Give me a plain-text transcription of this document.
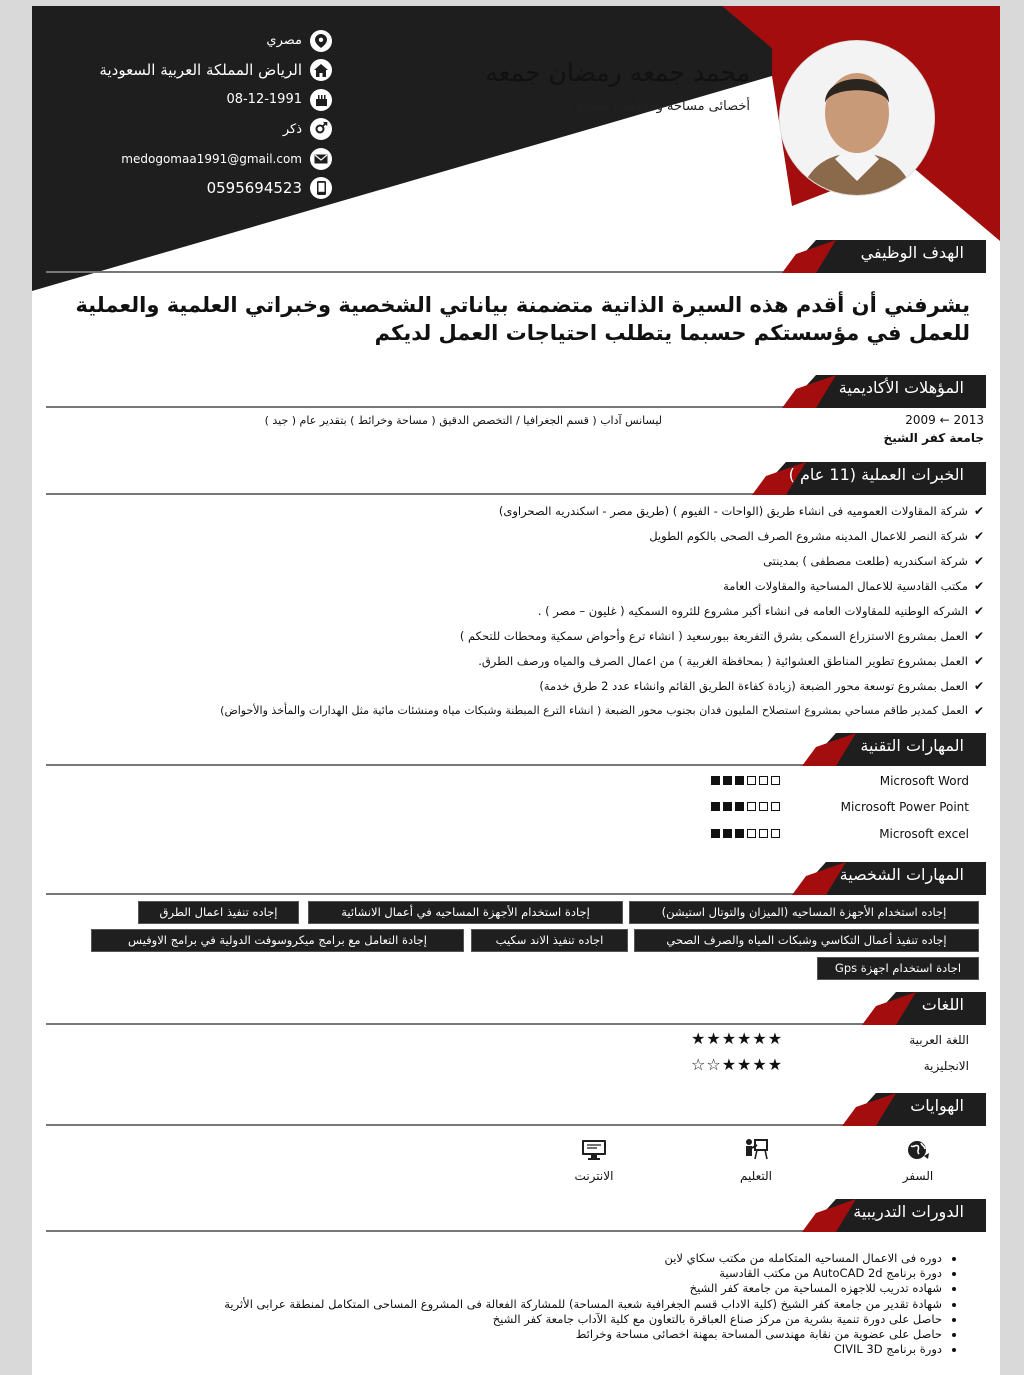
محمد جمعه رمضان جمعه
أخصائى مساحه وخرائط ( مساح )
مصري
الرياض المملكة العربية السعودية
08-12-1991
ذكر
medogomaa1991@gmail.com
0595694523
الهدف الوظيفي
يشرفني أن أقدم هذه السيرة الذاتية متضمنة بياناتي الشخصية وخبراتي العلمية والعملية للعمل في مؤسستكم حسبما يتطلب احتياجات العمل لديكم
المؤهلات الأكاديمية
2009 ← 2013
جامعة كفر الشيخ
ليسانس آداب ( قسم الجغرافيا / التخصص الدقيق ( مساحة وخرائط ) بتقدير عام ( جيد )
الخبرات العملية (11 عام )
✔
شركة المقاولات العموميه فى انشاء طريق (الواحات - الفيوم ) (طريق مصر - اسكندريه الصحراوى)
✔
شركة النصر للاعمال المدينه مشروع الصرف الصحى بالكوم الطويل
✔
شركة اسكندريه (طلعت مصطفى ) بمدينتى
✔
مكتب القادسية للاعمال المساحية والمقاولات العامة
✔
الشركه الوطنيه للمقاولات العامه فى انشاء أكبر مشروع للثروه السمكيه ( غليون – مصر ) .
✔
العمل بمشروع الاستزراع السمكى بشرق التفريعة ببورسعيد ( انشاء ترع وأحواض سمكية ومحطات للتحكم )
✔
العمل بمشروع تطوير المناطق العشوائية ( بمحافظة الغربية ) من اعمال الصرف والمياه ورصف الطرق.
✔
العمل بمشروع توسعة محور الضبعة (زيادة كفاءة الطريق القائم وانشاء عدد 2 طرق خدمة)
✔
العمل كمدير طاقم مساحي بمشروع استصلاح المليون فدان بجنوب محور الضبعة ( انشاء الترع المبطنة وشبكات مياه ومنشئات مائية مثل الهدارات والمأخذ والأحواض)
المهارات التقنية
Microsoft Word
Microsoft Power Point
Microsoft excel
المهارات الشخصية
إجاده استخدام الأجهزة المساحيه (الميزان والتوتال استيشن)
إجادة استخدام الأجهزة المساحيه في أعمال الانشائية
إجاده تنفيذ اعمال الطرق
إجاده تنفيذ أعمال التكاسي وشبكات المياه والصرف الصحي
اجاده تنفيذ الاند سكيب
إجادة التعامل مع برامج ميكروسوفت الدولية في برامج الاوفيس
اجادة استخدام اجهزة Gps
اللغات
اللغة العربية
★★★★★★
الانجليزية
☆☆★★★★
الهوايات
السفر
التعليم
الانترنت
الدورات التدريبية
• دوره فى الاعمال المساحيه المتكامله من مكتب سكاي لاين
• دورة برنامج AutoCAD 2d من مكتب القادسية
• شهاده تدريب للاجهزه المساحية من جامعة كفر الشيخ
• شهادة تقدير من جامعة كفر الشيخ (كلية الاداب قسم الجغرافية شعبة المساحة) للمشاركة الفعالة فى المشروع المساحى المتكامل لمنطقة عرابى الأثرية
• حاصل على دورة تنمية بشرية من مركز صناع العباقرة بالتعاون مع كلية الآداب جامعة كفر الشيخ
• حاصل على عضوية من نقابة مهندسى المساحة بمهنة اخصائى مساحة وخرائط
• دورة برنامج CIVIL 3D
